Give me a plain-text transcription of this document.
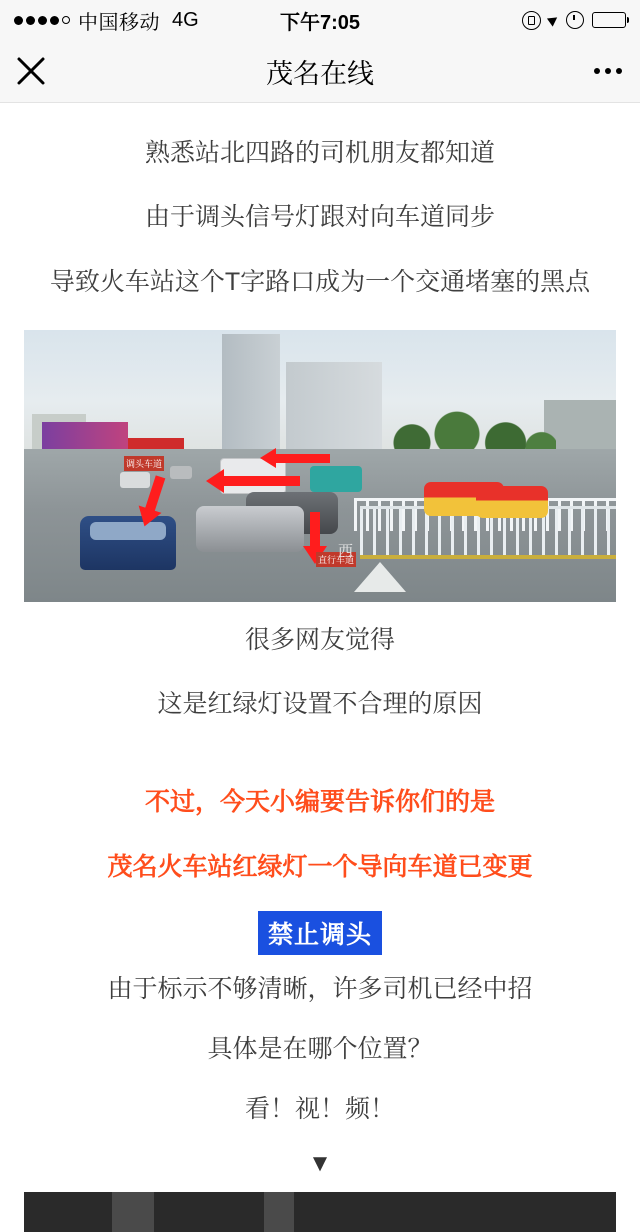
中国移动 4G	下午7:05
茂名在线

熟悉站北四路的司机朋友都知道

由于调头信号灯跟对向车道同步

导致火车站这个T字路口成为一个交通堵塞的黑点

调头车道
直行车道
西

很多网友觉得

这是红绿灯设置不合理的原因

不过，今天小编要告诉你们的是

茂名火车站红绿灯一个导向车道已变更

禁止调头

由于标示不够清晰，许多司机已经中招

具体是在哪个位置？

看！视！频！

▼
